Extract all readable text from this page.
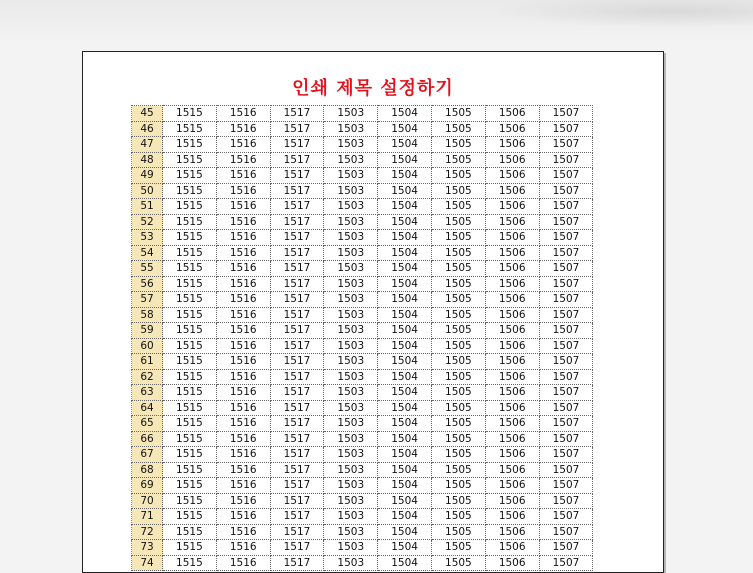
인쇄 제목 설정하기
45	1515	1516	1517	1503	1504	1505	1506	1507
46	1515	1516	1517	1503	1504	1505	1506	1507
47	1515	1516	1517	1503	1504	1505	1506	1507
48	1515	1516	1517	1503	1504	1505	1506	1507
49	1515	1516	1517	1503	1504	1505	1506	1507
50	1515	1516	1517	1503	1504	1505	1506	1507
51	1515	1516	1517	1503	1504	1505	1506	1507
52	1515	1516	1517	1503	1504	1505	1506	1507
53	1515	1516	1517	1503	1504	1505	1506	1507
54	1515	1516	1517	1503	1504	1505	1506	1507
55	1515	1516	1517	1503	1504	1505	1506	1507
56	1515	1516	1517	1503	1504	1505	1506	1507
57	1515	1516	1517	1503	1504	1505	1506	1507
58	1515	1516	1517	1503	1504	1505	1506	1507
59	1515	1516	1517	1503	1504	1505	1506	1507
60	1515	1516	1517	1503	1504	1505	1506	1507
61	1515	1516	1517	1503	1504	1505	1506	1507
62	1515	1516	1517	1503	1504	1505	1506	1507
63	1515	1516	1517	1503	1504	1505	1506	1507
64	1515	1516	1517	1503	1504	1505	1506	1507
65	1515	1516	1517	1503	1504	1505	1506	1507
66	1515	1516	1517	1503	1504	1505	1506	1507
67	1515	1516	1517	1503	1504	1505	1506	1507
68	1515	1516	1517	1503	1504	1505	1506	1507
69	1515	1516	1517	1503	1504	1505	1506	1507
70	1515	1516	1517	1503	1504	1505	1506	1507
71	1515	1516	1517	1503	1504	1505	1506	1507
72	1515	1516	1517	1503	1504	1505	1506	1507
73	1515	1516	1517	1503	1504	1505	1506	1507
74	1515	1516	1517	1503	1504	1505	1506	1507
